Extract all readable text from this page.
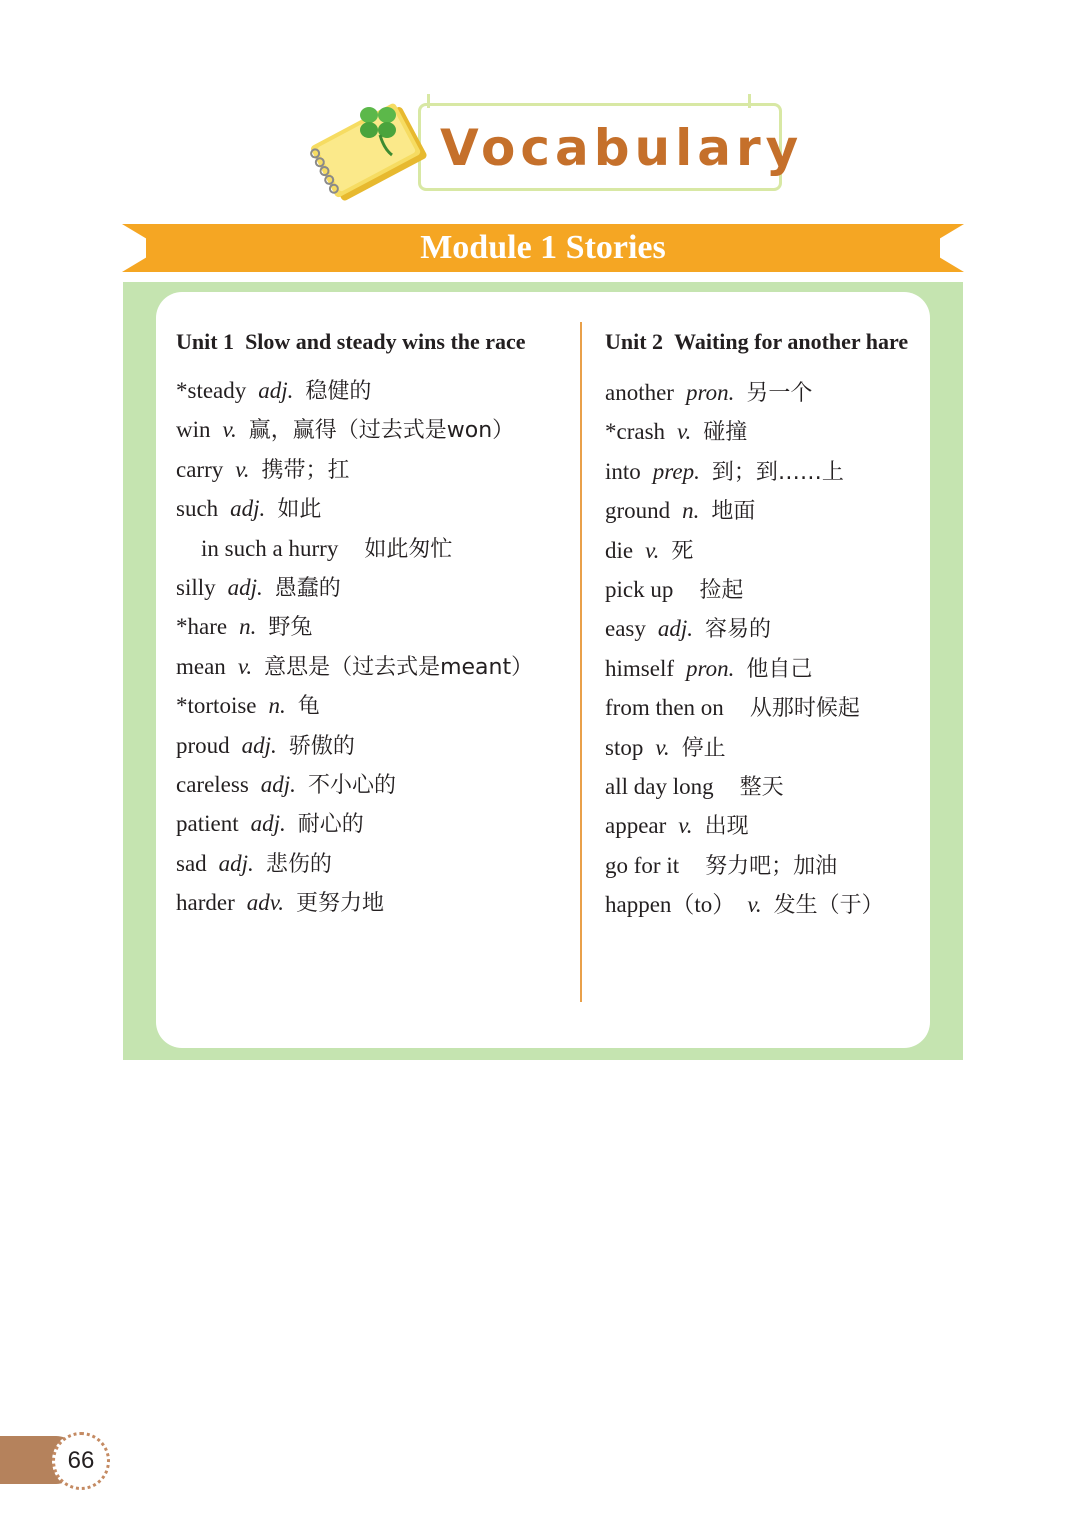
Vocabulary
Module 1 Stories
Unit 1
Slow and steady wins the race
*steady adj. 稳健的
win v. 赢，赢得（过去式是won）
carry v. 携带；扛
such adj. 如此
in such a hurry 如此匆忙
silly adj. 愚蠢的
*hare n. 野兔
mean v. 意思是（过去式是meant）
*tortoise n. 龟
proud adj. 骄傲的
careless adj. 不小心的
patient adj. 耐心的
sad adj. 悲伤的
harder adv. 更努力地
Unit 2
Waiting for another hare
another pron. 另一个
*crash v. 碰撞
into prep. 到；到……上
ground n. 地面
die v. 死
pick up 捡起
easy adj. 容易的
himself pron. 他自己
from then on 从那时候起
stop v. 停止
all day long 整天
appear v. 出现
go for it 努力吧；加油
happen（to） v. 发生（于）
66
